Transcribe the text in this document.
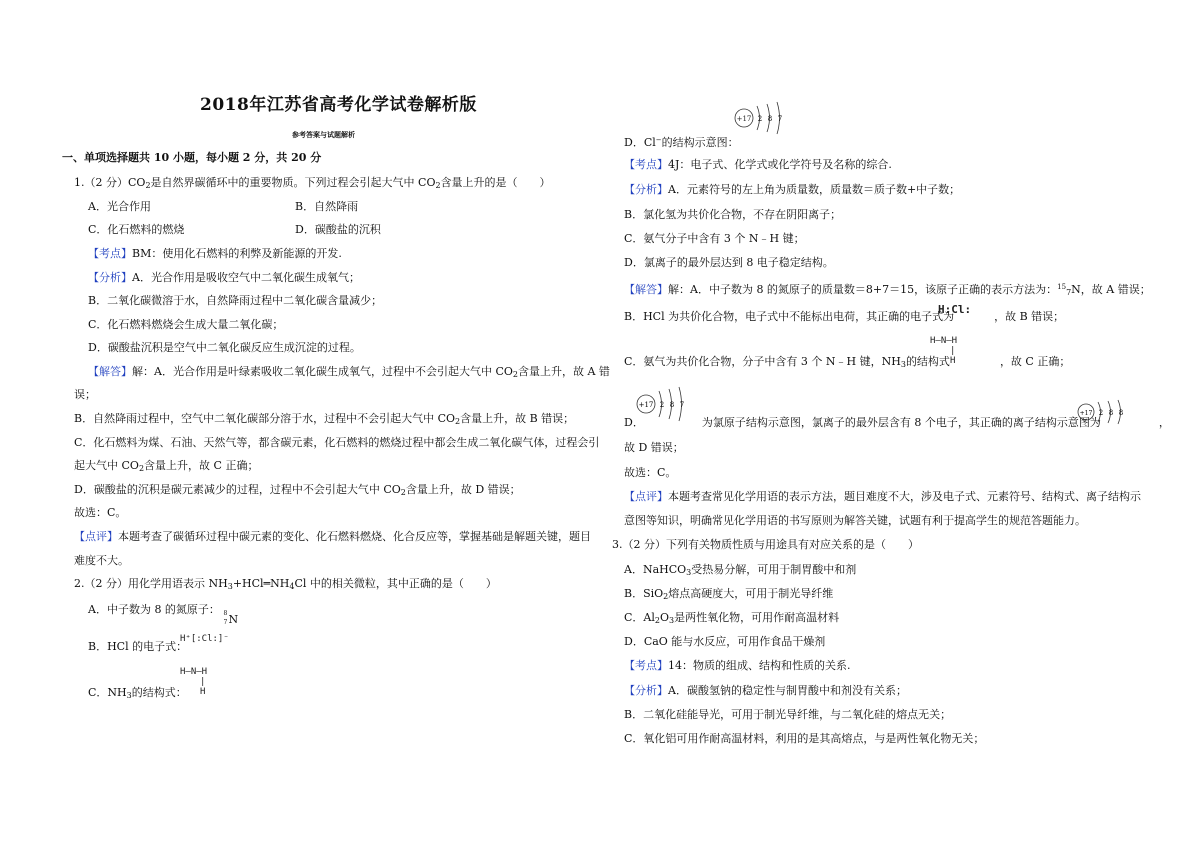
2018年江苏省高考化学试卷解析版
参考答案与试题解析
一、单项选择题共 10 小题，每小题 2 分，共 20 分
1.（2 分）$CO_2$是自然界碳循环中的重要物质。下列过程会引起大气中 $CO_2$含量上升的是（　　）
A．光合作用	B．自然降雨
C．化石燃料的燃烧	D．碳酸盐的沉积
【考点】BM：使用化石燃料的利弊及新能源的开发.
【分析】A．光合作用是吸收空气中二氧化碳生成氧气；
B．二氧化碳微溶于水，自然降雨过程中二氧化碳含量减少；
C．化石燃料燃烧会生成大量二氧化碳；
D．碳酸盐沉积是空气中二氧化碳反应生成沉淀的过程。
【解答】解：A．光合作用是叶绿素吸收二氧化碳生成氧气，过程中不会引起大气中 $CO_2$含量上升，故 A 错
误；
B．自然降雨过程中，空气中二氧化碳部分溶于水，过程中不会引起大气中 $CO_2$含量上升，故 B 错误；
C．化石燃料为煤、石油、天然气等，都含碳元素，化石燃料的燃烧过程中都会生成二氧化碳气体，过程会引
起大气中 $CO_2$含量上升，故 C 正确；
D．碳酸盐的沉积是碳元素减少的过程，过程中不会引起大气中 $CO_2$含量上升，故 D 错误；
故选：C。
【点评】本题考查了碳循环过程中碳元素的变化、化石燃料燃烧、化合反应等，掌握基础是解题关键，题目
难度不大。
2.（2 分）用化学用语表示 $NH_3+HCl═NH_4Cl$ 中的相关微粒，其中正确的是（　　）
A．中子数为 8 的氮原子： 8
7 N
B．HCl 的电子式：
H⁺[:Cl:]⁻
C．$NH_3$的结构式：
H—N—H
|
H
+17 2 8 7
D．Cl−的结构示意图：
【考点】4J：电子式、化学式或化学符号及名称的综合.
【分析】A．元素符号的左上角为质量数，质量数＝质子数+中子数；
B．氯化氢为共价化合物，不存在阴阳离子；
C．氨气分子中含有 3 个 N﹣H 键；
D．氯离子的最外层达到 8 电子稳定结构。
【解答】解：A．中子数为 8 的氮原子的质量数＝8+7＝15，该原子正确的表示方法为：$^{15}_7$N，故 A 错误；
B．HCl 为共价化合物，电子式中不能标出电荷，其正确的电子式为	，故 B 错误；
H:Cl:
C．氨气为共价化合物，分子中含有 3 个 N﹣H 键，$NH_3$的结构式	，故 C 正确；
H—N—H
|
H
+17 2 8 7
D．	为氯原子结构示意图，氯离子的最外层含有 8 个电子，其正确的离子结构示意图为	，
+17 2 8 8
故 D 错误；
故选：C。
【点评】本题考查常见化学用语的表示方法，题目难度不大，涉及电子式、元素符号、结构式、离子结构示
意图等知识，明确常见化学用语的书写原则为解答关键，试题有利于提高学生的规范答题能力。
3.（2 分）下列有关物质性质与用途具有对应关系的是（　　）
A．NaHCO$_3$受热易分解，可用于制胃酸中和剂
B．SiO$_2$熔点高硬度大，可用于制光导纤维
C．$Al_2O_3$是两性氧化物，可用作耐高温材料
D．CaO 能与水反应，可用作食品干燥剂
【考点】14：物质的组成、结构和性质的关系.
【分析】A．碳酸氢钠的稳定性与制胃酸中和剂没有关系；
B．二氧化硅能导光，可用于制光导纤维，与二氧化硅的熔点无关；
C．氧化铝可用作耐高温材料，利用的是其高熔点，与是两性氧化物无关；
